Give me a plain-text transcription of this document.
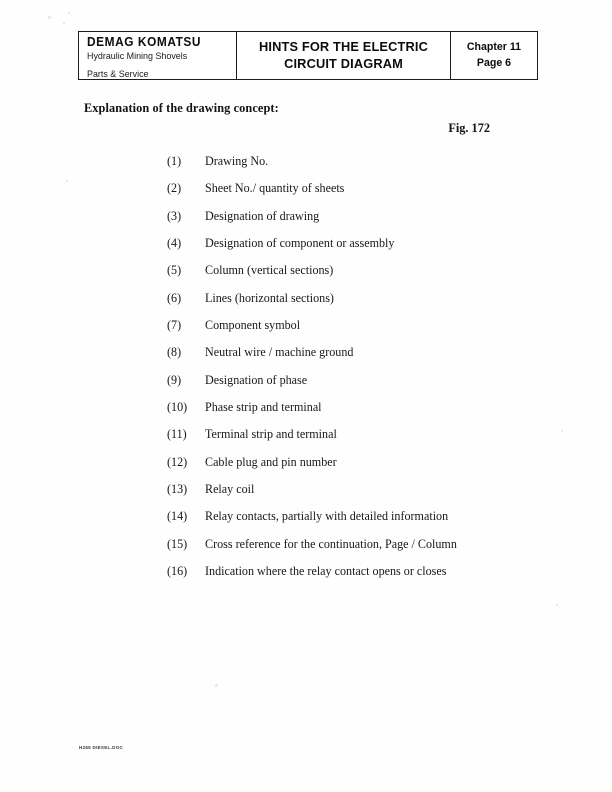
DEMAG KOMATSU
Hydraulic Mining Shovels
Parts & Service
HINTS FOR THE ELECTRIC
CIRCUIT DIAGRAM
Chapter 11
Page 6
Explanation of the drawing concept:
Fig. 172
(1)	Drawing No.
(2)	Sheet No./ quantity of sheets
(3)	Designation of drawing
(4)	Designation of component or assembly
(5)	Column (vertical sections)
(6)	Lines (horizontal sections)
(7)	Component symbol
(8)	Neutral wire / machine ground
(9)	Designation of phase
(10)	Phase strip and terminal
(11)	Terminal strip and terminal
(12)	Cable plug and pin number
(13)	Relay coil
(14)	Relay contacts, partially with detailed information
(15)	Cross reference for the continuation, Page / Column
(16)	Indication where the relay contact opens or closes
H255 DIESEL.DOC
